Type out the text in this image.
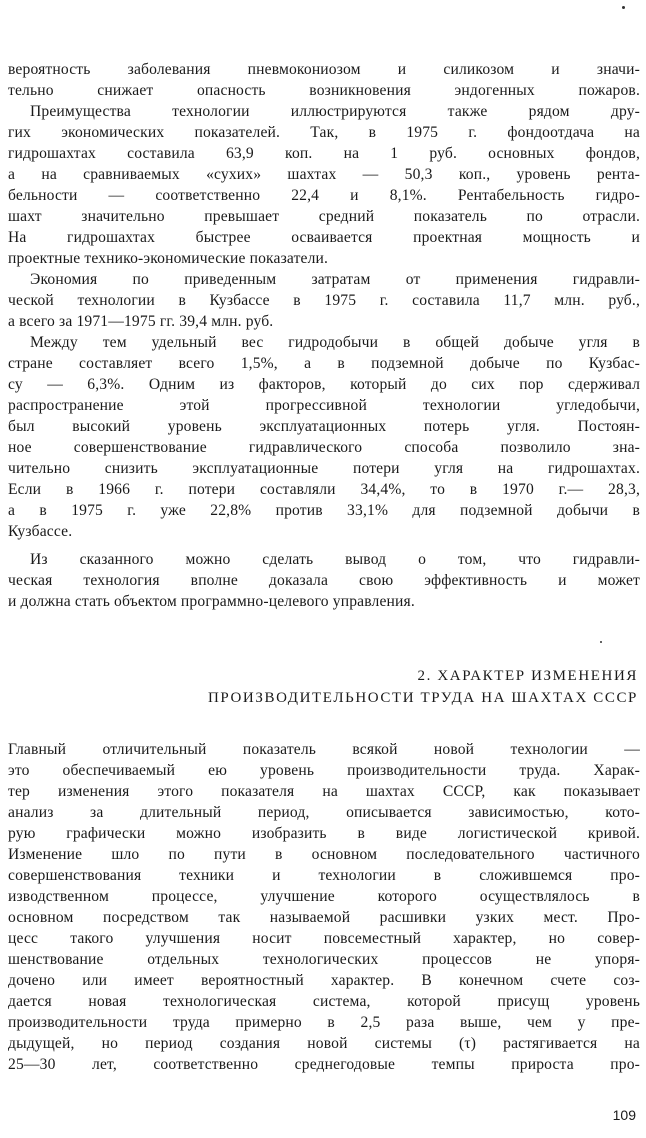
вероятность заболевания пневмокониозом и силикозом и значи-
тельно снижает опасность возникновения эндогенных пожаров.
Преимущества технологии иллюстрируются также рядом дру-
гих экономических показателей. Так, в 1975 г. фондоотдача на
гидрошахтах составила 63,9 коп. на 1 руб. основных фондов,
а на сравниваемых «сухих» шахтах — 50,3 коп., уровень рента-
бельности — соответственно 22,4 и 8,1%. Рентабельность гидро-
шахт значительно превышает средний показатель по отрасли.
На гидрошахтах быстрее осваивается проектная мощность и
проектные технико-экономические показатели.
Экономия по приведенным затратам от применения гидравли-
ческой технологии в Кузбассе в 1975 г. составила 11,7 млн. руб.,
а всего за 1971—1975 гг. 39,4 млн. руб.
Между тем удельный вес гидродобычи в общей добыче угля в
стране составляет всего 1,5%, а в подземной добыче по Кузбас-
су — 6,3%. Одним из факторов, который до сих пор сдерживал
распространение этой прогрессивной технологии угледобычи,
был высокий уровень эксплуатационных потерь угля. Постоян-
ное совершенствование гидравлического способа позволило зна-
чительно снизить эксплуатационные потери угля на гидрошахтах.
Если в 1966 г. потери составляли 34,4%, то в 1970 г.— 28,3,
а в 1975 г. уже 22,8% против 33,1% для подземной добычи в
Кузбассе.
Из сказанного можно сделать вывод о том, что гидравли-
ческая технология вполне доказала свою эффективность и может
и должна стать объектом программно-целевого управления.
2. ХАРАКТЕР ИЗМЕНЕНИЯ
ПРОИЗВОДИТЕЛЬНОСТИ ТРУДА НА ШАХТАХ СССР
Главный отличительный показатель всякой новой технологии —
это обеспечиваемый ею уровень производительности труда. Харак-
тер изменения этого показателя на шахтах СССР, как показывает
анализ за длительный период, описывается зависимостью, кото-
рую графически можно изобразить в виде логистической кривой.
Изменение шло по пути в основном последовательного частичного
совершенствования техники и технологии в сложившемся про-
изводственном процессе, улучшение которого осуществлялось в
основном посредством так называемой расшивки узких мест. Про-
цесс такого улучшения носит повсеместный характер, но совер-
шенствование отдельных технологических процессов не упоря-
дочено или имеет вероятностный характер. В конечном счете соз-
дается новая технологическая система, которой присущ уровень
производительности труда примерно в 2,5 раза выше, чем у пре-
дыдущей, но период создания новой системы (τ) растягивается на
25—30 лет, соответственно среднегодовые темпы прироста про-
109
